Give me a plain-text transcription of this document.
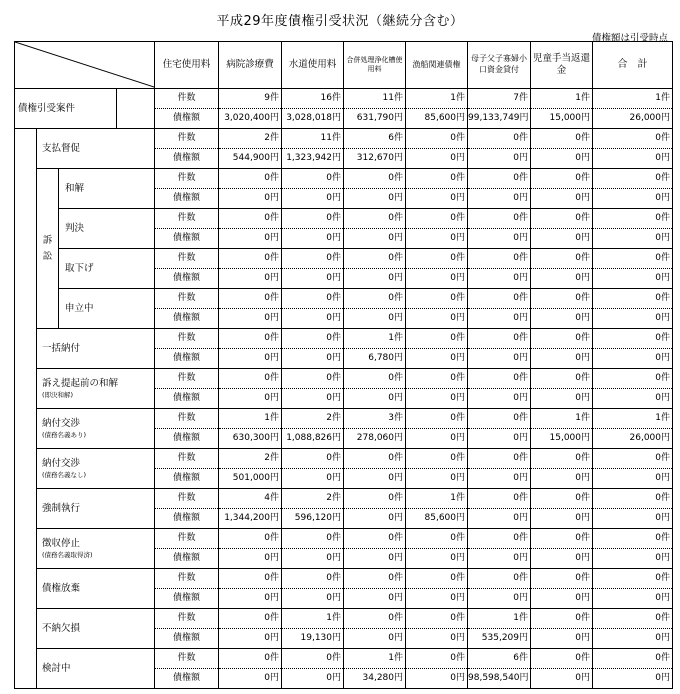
平成29年度債権引受状況（継続分含む）
債権額は引受時点
	住宅使用料	病院診療費	水道使用料	合併処理浄化槽使用料	漁船関連債権	母子父子寡婦小口資金貸付	児童手当返還金	合　計	
債権引受案件				件数	9件	16件	11件	1件	7件	1件	1件	
				債権額	3,020,400円	3,028,018円	631,790円	85,600円	99,133,749円	15,000円	26,000円	
	支払督促			件数	2件	11件	6件	0件	0件	0件	0件	
				債権額	544,900円	1,323,942円	312,670円	0円	0円	0円	0円	
	訴訟	和解		件数	0件	0件	0件	0件	0件	0件	0件	
				債権額	0円	0円	0円	0円	0円	0円	0円	
		判決		件数	0件	0件	0件	0件	0件	0件	0件	
				債権額	0円	0円	0円	0円	0円	0円	0円	
		取下げ		件数	0件	0件	0件	0件	0件	0件	0件	
				債権額	0円	0円	0円	0円	0円	0円	0円	
		申立中		件数	0件	0件	0件	0件	0件	0件	0件	
				債権額	0円	0円	0円	0円	0円	0円	0円	
	一括納付			件数	0件	0件	1件	0件	0件	0件	0件	
				債権額	0円	0円	6,780円	0円	0円	0円	0円	
	訴え提起前の和解
(即決和解)			件数	0件	0件	0件	0件	0件	0件	0件	
				債権額	0円	0円	0円	0円	0円	0円	0円	
	納付交渉
(債務名義あり)			件数	1件	2件	3件	0件	0件	1件	1件	
				債権額	630,300円	1,088,826円	278,060円	0円	0円	15,000円	26,000円	
	納付交渉
(債務名義なし)			件数	2件	0件	0件	0件	0件	0件	0件	
				債権額	501,000円	0円	0円	0円	0円	0円	0円	
	強制執行			件数	4件	2件	0件	1件	0件	0件	0件	
				債権額	1,344,200円	596,120円	0円	85,600円	0円	0円	0円	
	徴収停止
(債務名義取得済)			件数	0件	0件	0件	0件	0件	0件	0件	
				債権額	0円	0円	0円	0円	0円	0円	0円	
	債権放棄			件数	0件	0件	0件	0件	0件	0件	0件	
				債権額	0円	0円	0円	0円	0円	0円	0円	
	不納欠損			件数	0件	1件	0件	0件	1件	0件	0件	
				債権額	0円	19,130円	0円	0円	535,209円	0円	0円	
	検討中			件数	0件	0件	1件	0件	6件	0件	0件	
				債権額	0円	0円	34,280円	0円	98,598,540円	0円	0円	
